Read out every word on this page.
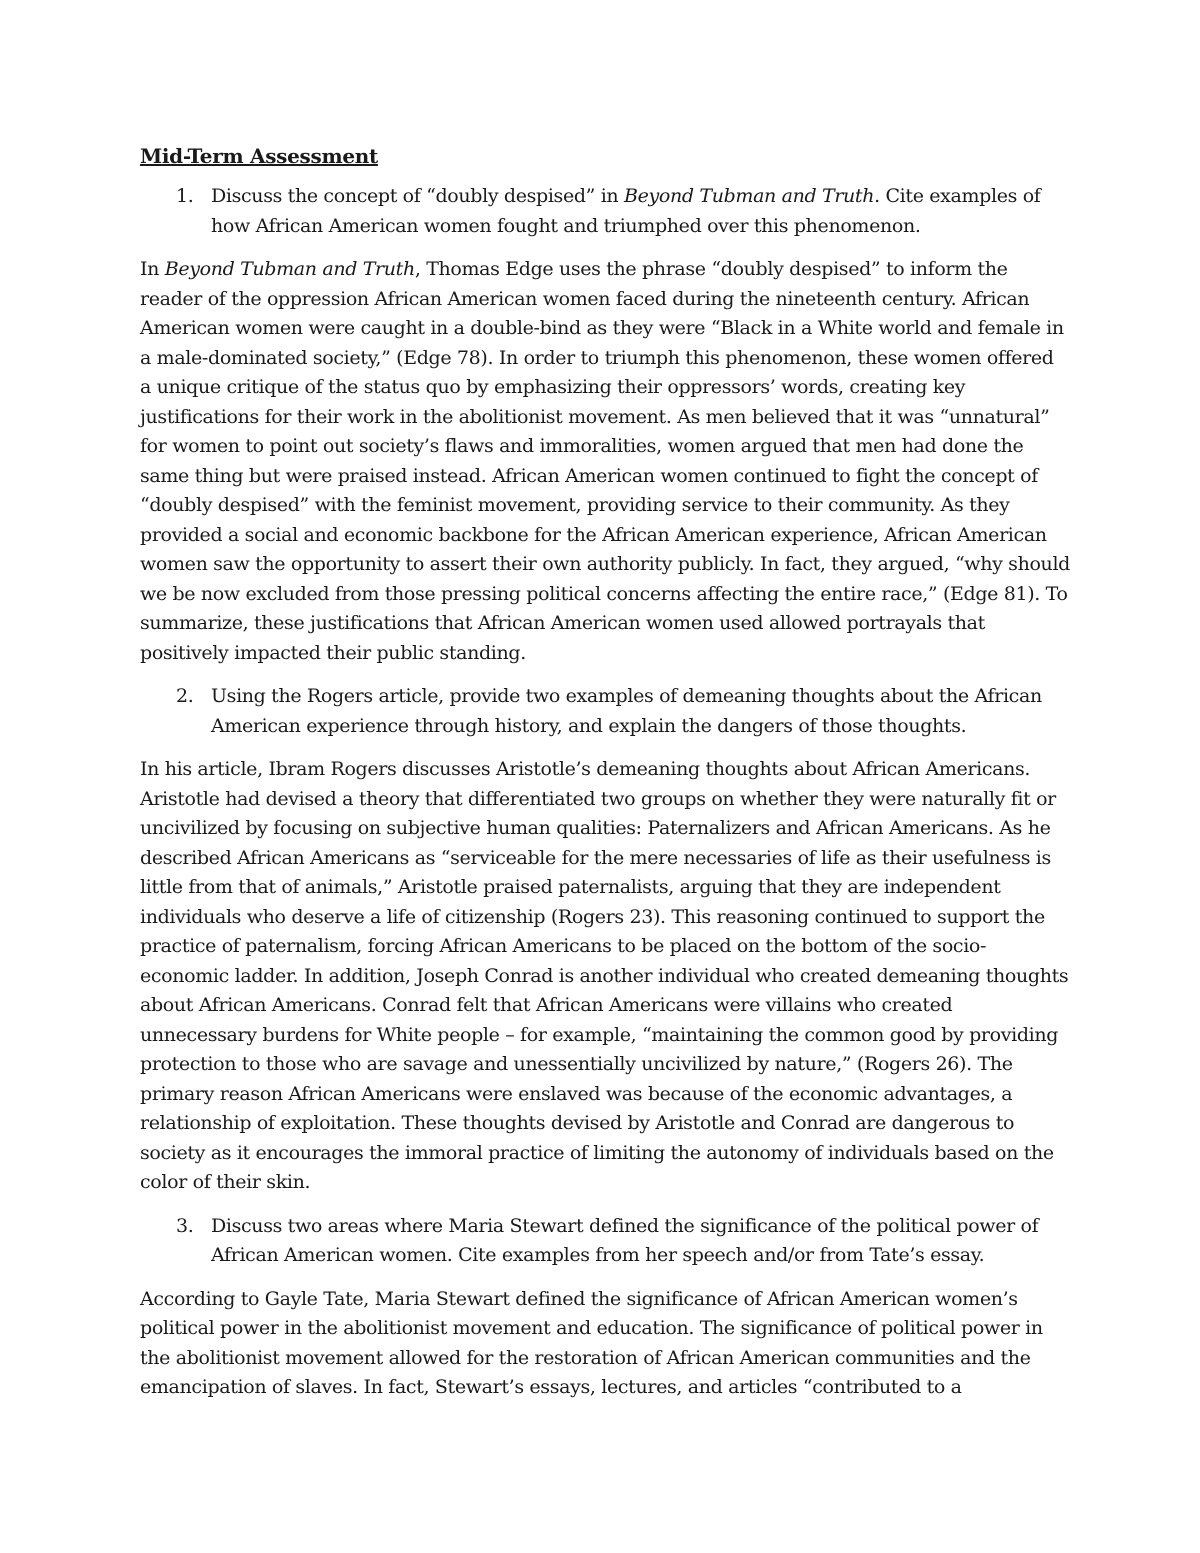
Mid-Term Assessment
1. Discuss the concept of “doubly despised” in Beyond Tubman and Truth. Cite examples of how African American women fought and triumphed over this phenomenon.

In Beyond Tubman and Truth, Thomas Edge uses the phrase “doubly despised” to inform the reader of the oppression African American women faced during the nineteenth century. African American women were caught in a double-bind as they were “Black in a White world and female in a male-dominated society,” (Edge 78). In order to triumph this phenomenon, these women offered a unique critique of the status quo by emphasizing their oppressors’ words, creating key justifications for their work in the abolitionist movement. As men believed that it was “unnatural” for women to point out society’s flaws and immoralities, women argued that men had done the same thing but were praised instead. African American women continued to fight the concept of “doubly despised” with the feminist movement, providing service to their community. As they provided a social and economic backbone for the African American experience, African American women saw the opportunity to assert their own authority publicly. In fact, they argued, “why should we be now excluded from those pressing political concerns affecting the entire race,” (Edge 81). To summarize, these justifications that African American women used allowed portrayals that positively impacted their public standing.

2. Using the Rogers article, provide two examples of demeaning thoughts about the African American experience through history, and explain the dangers of those thoughts.

In his article, Ibram Rogers discusses Aristotle’s demeaning thoughts about African Americans. Aristotle had devised a theory that differentiated two groups on whether they were naturally fit or uncivilized by focusing on subjective human qualities: Paternalizers and African Americans. As he described African Americans as “serviceable for the mere necessaries of life as their usefulness is little from that of animals,” Aristotle praised paternalists, arguing that they are independent individuals who deserve a life of citizenship (Rogers 23). This reasoning continued to support the practice of paternalism, forcing African Americans to be placed on the bottom of the socio-economic ladder. In addition, Joseph Conrad is another individual who created demeaning thoughts about African Americans. Conrad felt that African Americans were villains who created unnecessary burdens for White people – for example, “maintaining the common good by providing protection to those who are savage and unessentially uncivilized by nature,” (Rogers 26). The primary reason African Americans were enslaved was because of the economic advantages, a relationship of exploitation. These thoughts devised by Aristotle and Conrad are dangerous to society as it encourages the immoral practice of limiting the autonomy of individuals based on the color of their skin.

3. Discuss two areas where Maria Stewart defined the significance of the political power of African American women. Cite examples from her speech and/or from Tate’s essay.

According to Gayle Tate, Maria Stewart defined the significance of African American women’s political power in the abolitionist movement and education. The significance of political power in the abolitionist movement allowed for the restoration of African American communities and the emancipation of slaves. In fact, Stewart’s essays, lectures, and articles “contributed to a
